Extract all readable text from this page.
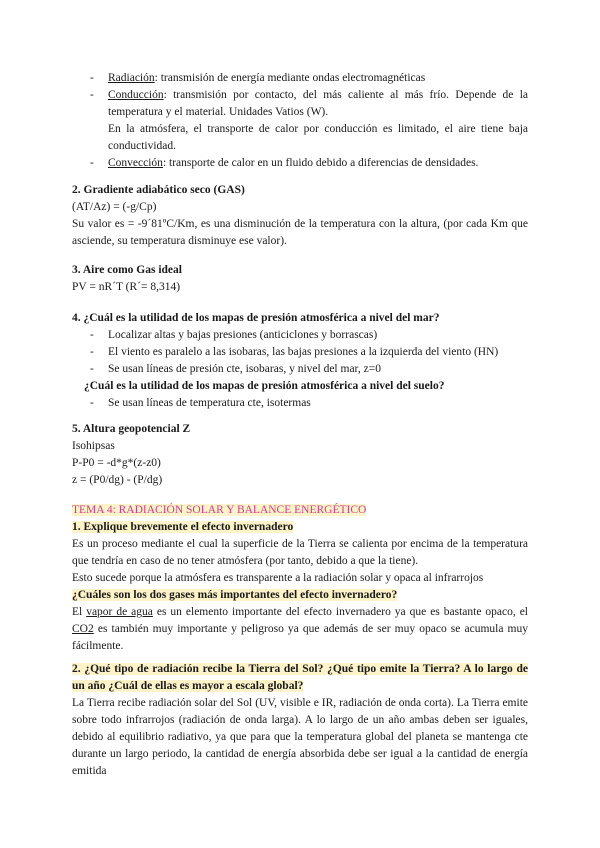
- Radiación: transmisión de energía mediante ondas electromagnéticas
- Conducción: transmisión por contacto, del más caliente al más frío. Depende de la temperatura y el material. Unidades Vatios (W).

En la atmósfera, el transporte de calor por conducción es limitado, el aire tiene baja conductividad.

- Convección: transporte de calor en un fluido debido a diferencias de densidades.

2. Gradiente adiabático seco (GAS)

(AT/Az) = (-g/Cp)

Su valor es = -9´81ºC/Km, es una disminución de la temperatura con la altura, (por cada Km que asciende, su temperatura disminuye ese valor).

3. Aire como Gas ideal

PV = nR´T (R´= 8,314)

4. ¿Cuál es la utilidad de los mapas de presión atmosférica a nivel del mar?

- Localizar altas y bajas presiones (anticiclones y borrascas)
- El viento es paralelo a las isobaras, las bajas presiones a la izquierda del viento (HN)
- Se usan líneas de presión cte, isobaras, y nivel del mar, z=0

¿Cuál es la utilidad de los mapas de presión atmosférica a nivel del suelo?

- Se usan líneas de temperatura cte, isotermas

5. Altura geopotencial Z

Isohipsas

P-P0 = -d*g*(z-z0)

z = (P0/dg) - (P/dg)

TEMA 4: RADIACIÓN SOLAR Y BALANCE ENERGÉTICO

1. Explique brevemente el efecto invernadero

Es un proceso mediante el cual la superficie de la Tierra se calienta por encima de la temperatura que tendría en caso de no tener atmósfera (por tanto, debido a que la tiene).

Esto sucede porque la atmósfera es transparente a la radiación solar y opaca al infrarrojos

¿Cuáles son los dos gases más importantes del efecto invernadero?

El vapor de agua es un elemento importante del efecto invernadero ya que es bastante opaco, el CO2 es también muy importante y peligroso ya que además de ser muy opaco se acumula muy fácilmente.

2. ¿Qué tipo de radiación recibe la Tierra del Sol? ¿Qué tipo emite la Tierra? A lo largo de un año ¿Cuál de ellas es mayor a escala global?

La Tierra recibe radiación solar del Sol (UV, visible e IR, radiación de onda corta). La Tierra emite sobre todo infrarrojos (radiación de onda larga). A lo largo de un año ambas deben ser iguales, debido al equilibrio radiativo, ya que para que la temperatura global del planeta se mantenga cte durante un largo periodo, la cantidad de energía absorbida debe ser igual a la cantidad de energía emitida
